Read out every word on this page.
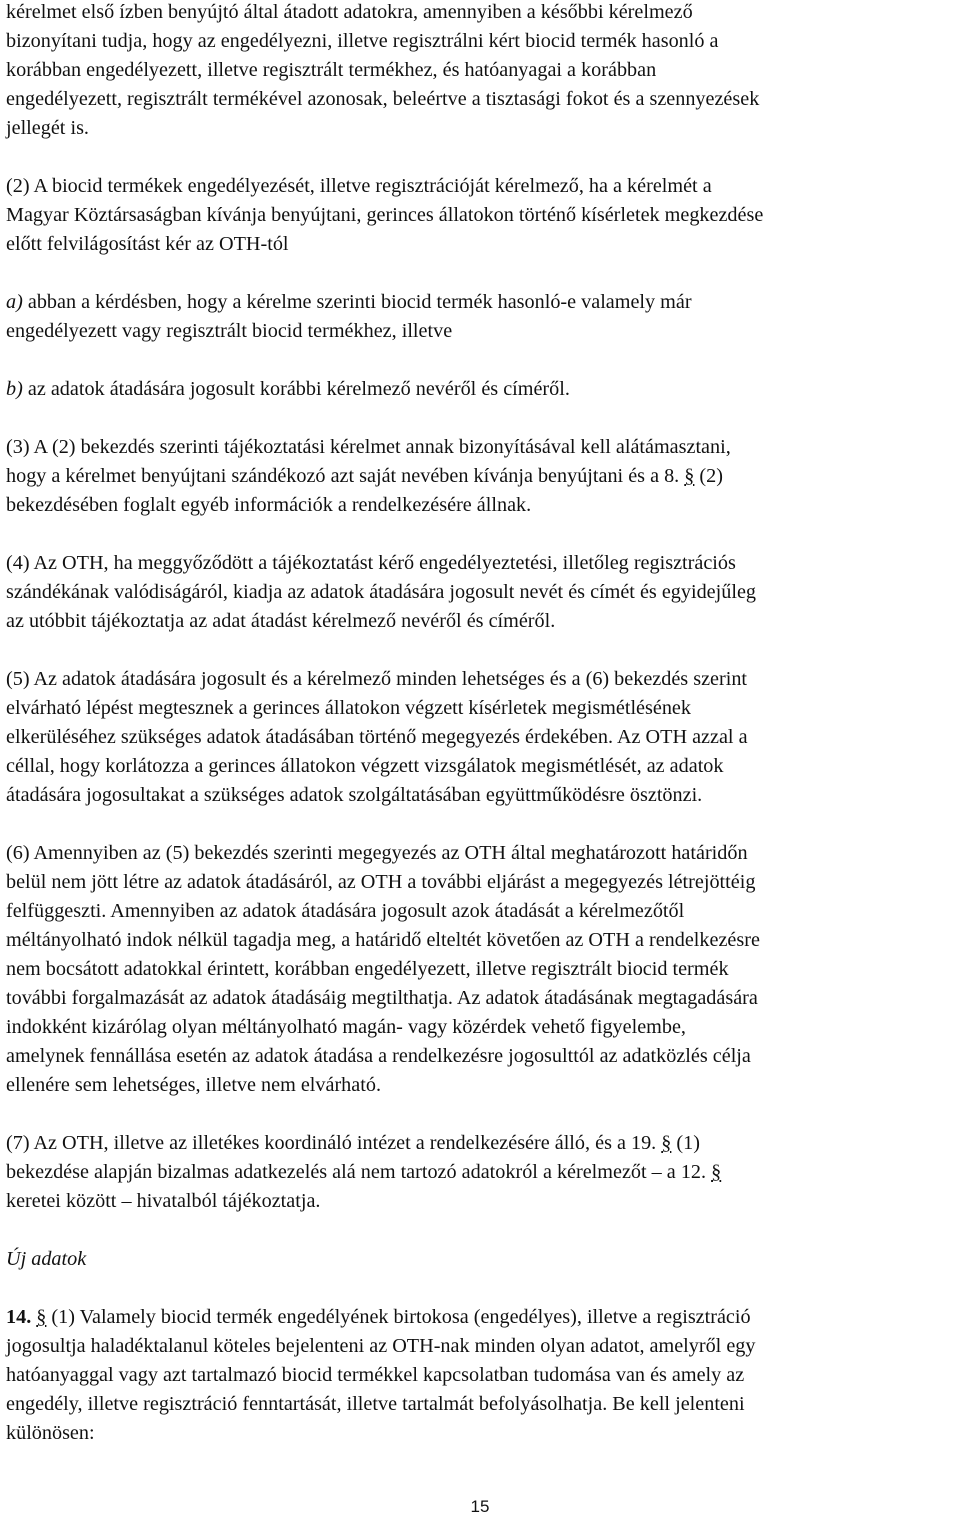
kérelmet első ízben benyújtó által átadott adatokra, amennyiben a későbbi kérelmező
bizonyítani tudja, hogy az engedélyezni, illetve regisztrálni kért biocid termék hasonló a
korábban engedélyezett, illetve regisztrált termékhez, és hatóanyagai a korábban
engedélyezett, regisztrált termékével azonosak, beleértve a tisztasági fokot és a szennyezések
jellegét is.
(2) A biocid termékek engedélyezését, illetve regisztrációját kérelmező, ha a kérelmét a
Magyar Köztársaságban kívánja benyújtani, gerinces állatokon történő kísérletek megkezdése
előtt felvilágosítást kér az OTH-tól
a) abban a kérdésben, hogy a kérelme szerinti biocid termék hasonló-e valamely már
engedélyezett vagy regisztrált biocid termékhez, illetve
b) az adatok átadására jogosult korábbi kérelmező nevéről és címéről.
(3) A (2) bekezdés szerinti tájékoztatási kérelmet annak bizonyításával kell alátámasztani,
hogy a kérelmet benyújtani szándékozó azt saját nevében kívánja benyújtani és a 8. § (2)
bekezdésében foglalt egyéb információk a rendelkezésére állnak.
(4) Az OTH, ha meggyőződött a tájékoztatást kérő engedélyeztetési, illetőleg regisztrációs
szándékának valódiságáról, kiadja az adatok átadására jogosult nevét és címét és egyidejűleg
az utóbbit tájékoztatja az adat átadást kérelmező nevéről és címéről.
(5) Az adatok átadására jogosult és a kérelmező minden lehetséges és a (6) bekezdés szerint
elvárható lépést megtesznek a gerinces állatokon végzett kísérletek megismétlésének
elkerüléséhez szükséges adatok átadásában történő megegyezés érdekében. Az OTH azzal a
céllal, hogy korlátozza a gerinces állatokon végzett vizsgálatok megismétlését, az adatok
átadására jogosultakat a szükséges adatok szolgáltatásában együttműködésre ösztönzi.
(6) Amennyiben az (5) bekezdés szerinti megegyezés az OTH által meghatározott határidőn
belül nem jött létre az adatok átadásáról, az OTH a további eljárást a megegyezés létrejöttéig
felfüggeszti. Amennyiben az adatok átadására jogosult azok átadását a kérelmezőtől
méltányolható indok nélkül tagadja meg, a határidő elteltét követően az OTH a rendelkezésre
nem bocsátott adatokkal érintett, korábban engedélyezett, illetve regisztrált biocid termék
további forgalmazását az adatok átadásáig megtilthatja. Az adatok átadásának megtagadására
indokként kizárólag olyan méltányolható magán- vagy közérdek vehető figyelembe,
amelynek fennállása esetén az adatok átadása a rendelkezésre jogosulttól az adatközlés célja
ellenére sem lehetséges, illetve nem elvárható.
(7) Az OTH, illetve az illetékes koordináló intézet a rendelkezésére álló, és a 19. § (1)
bekezdése alapján bizalmas adatkezelés alá nem tartozó adatokról a kérelmezőt – a 12. §
keretei között – hivatalból tájékoztatja.
Új adatok
14. § (1) Valamely biocid termék engedélyének birtokosa (engedélyes), illetve a regisztráció
jogosultja haladéktalanul köteles bejelenteni az OTH-nak minden olyan adatot, amelyről egy
hatóanyaggal vagy azt tartalmazó biocid termékkel kapcsolatban tudomása van és amely az
engedély, illetve regisztráció fenntartását, illetve tartalmát befolyásolhatja. Be kell jelenteni
különösen:
15
